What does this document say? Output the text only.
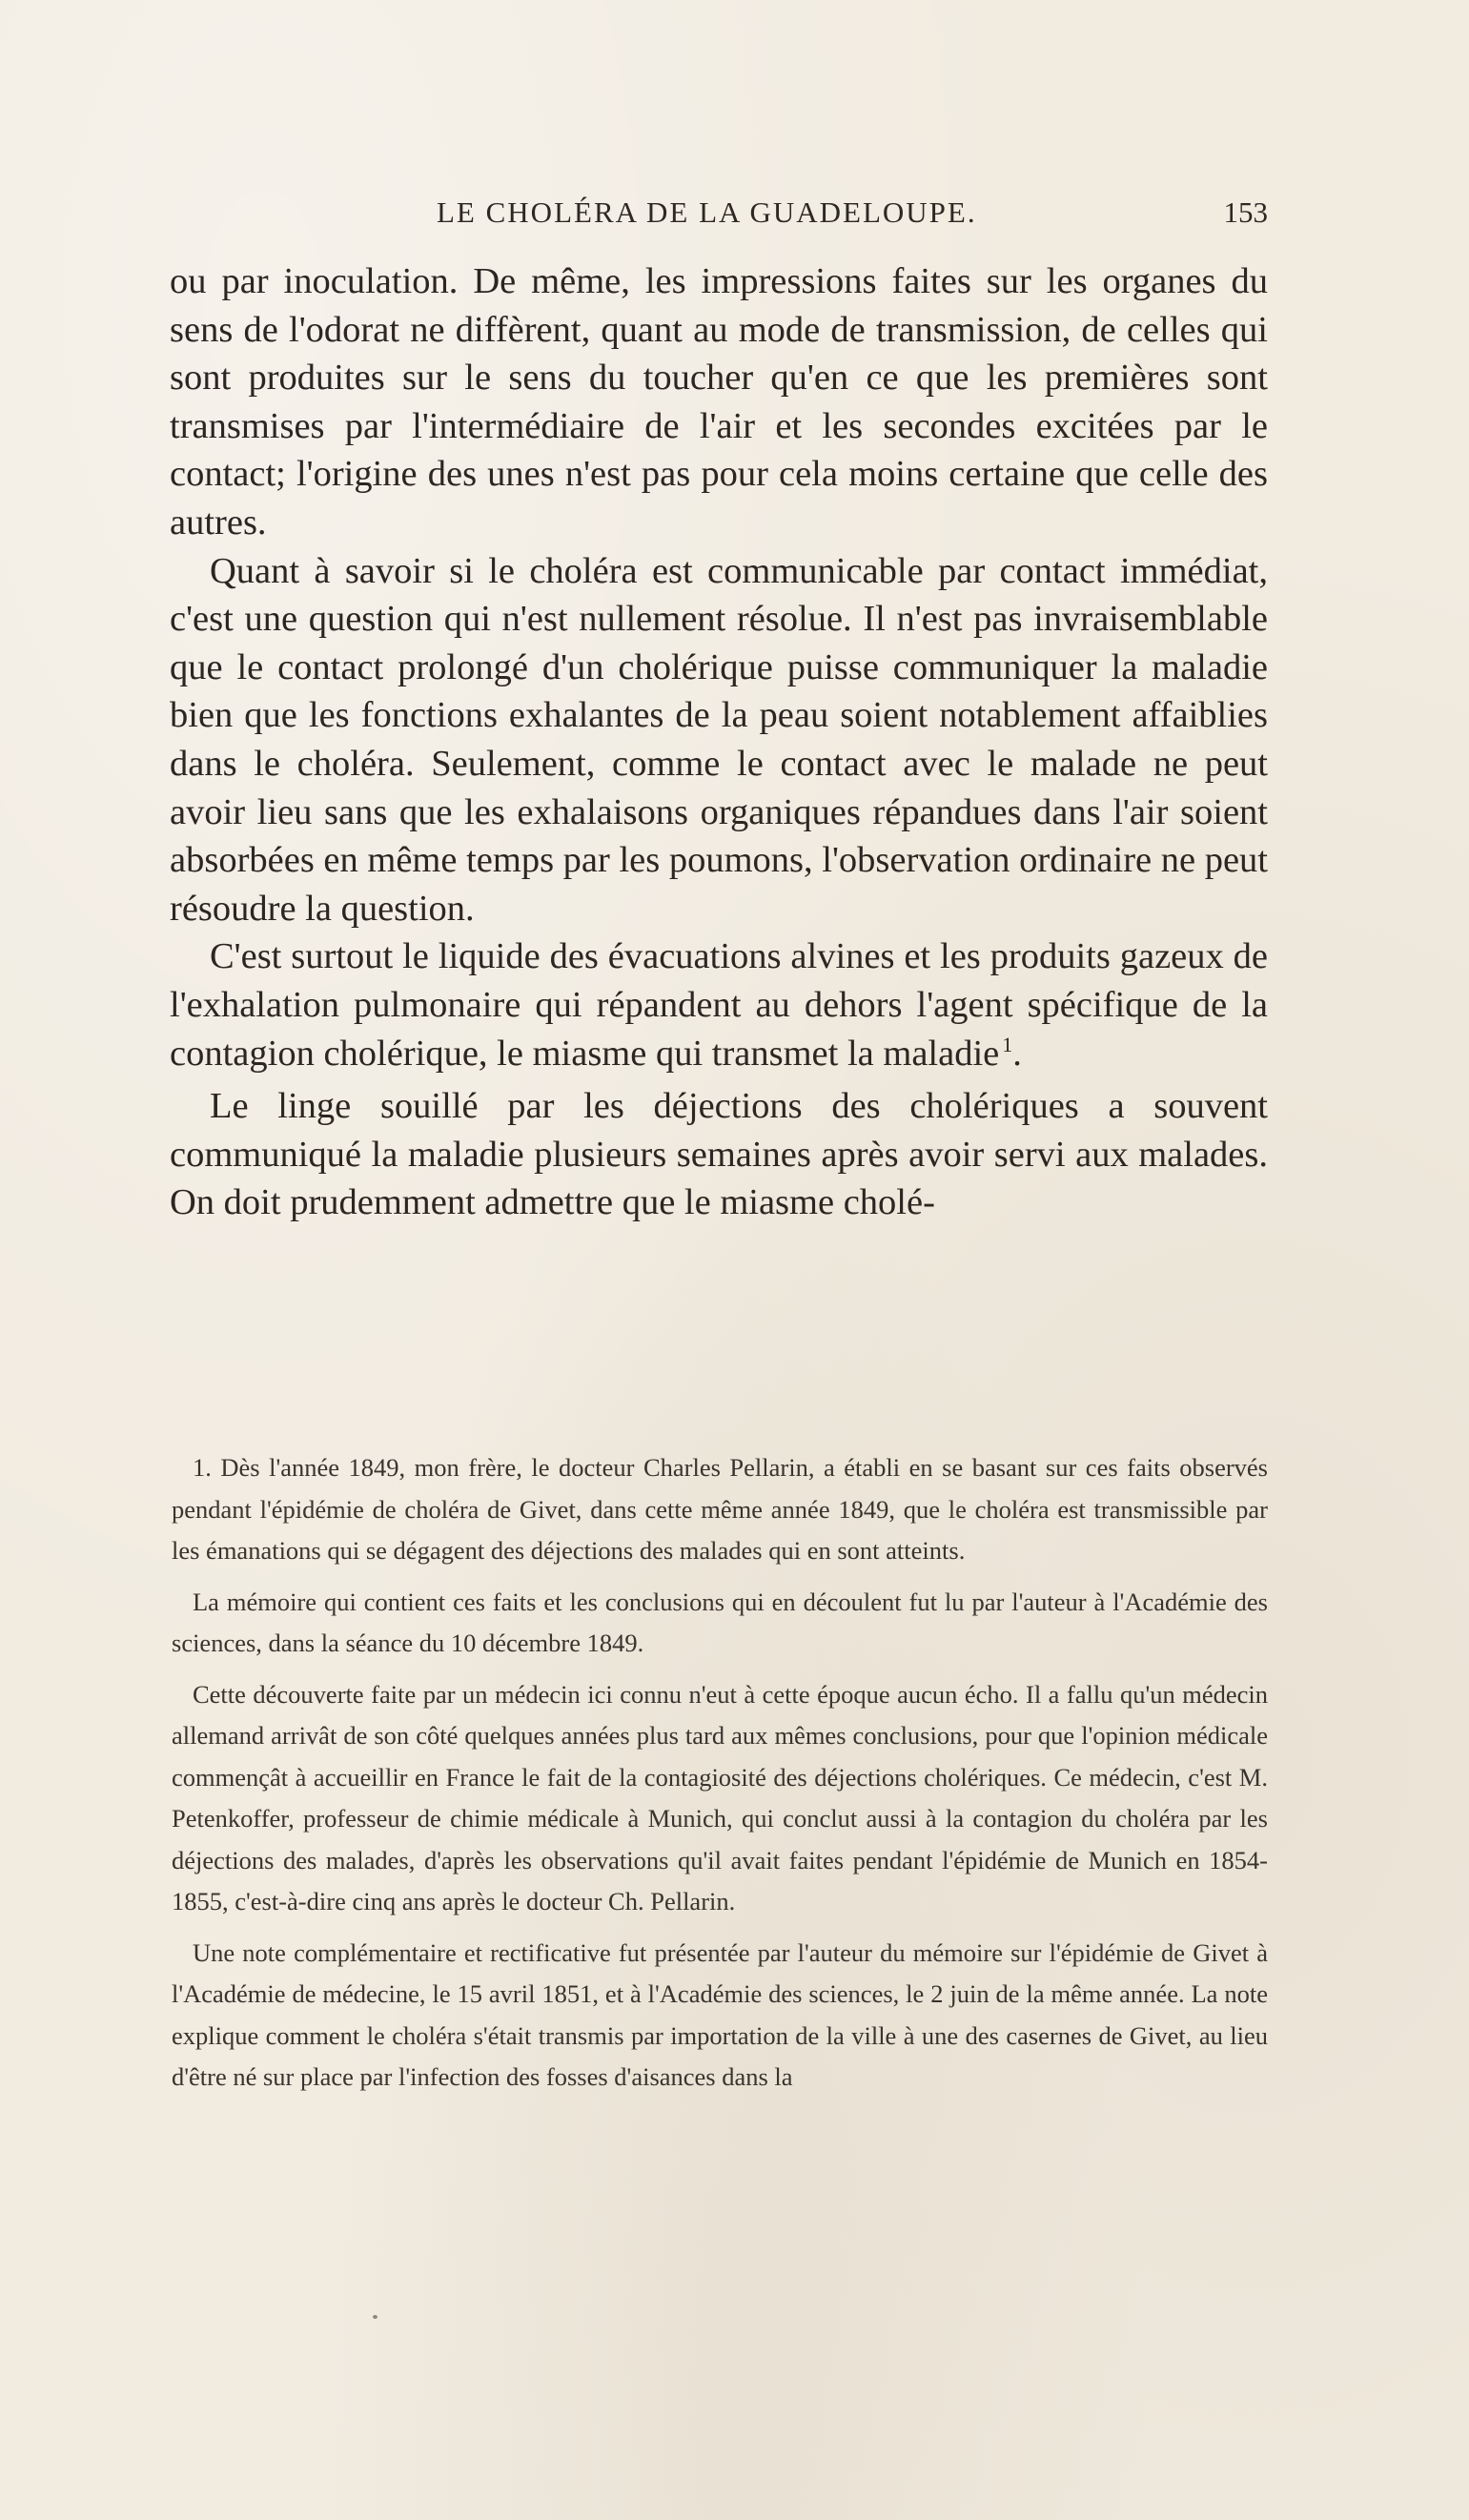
LE CHOLÉRA DE LA GUADELOUPE.	153

ou par inoculation. De même, les impressions faites sur les organes du sens de l'odorat ne diffèrent, quant au mode de transmission, de celles qui sont produites sur le sens du toucher qu'en ce que les premières sont transmises par l'intermédiaire de l'air et les secondes excitées par le contact; l'origine des unes n'est pas pour cela moins certaine que celle des autres.

Quant à savoir si le choléra est communicable par contact immédiat, c'est une question qui n'est nullement résolue. Il n'est pas invraisemblable que le contact prolongé d'un cholérique puisse communiquer la maladie bien que les fonctions exhalantes de la peau soient notablement affaiblies dans le choléra. Seulement, comme le contact avec le malade ne peut avoir lieu sans que les exhalaisons organiques répandues dans l'air soient absorbées en même temps par les poumons, l'observation ordinaire ne peut résoudre la question.

C'est surtout le liquide des évacuations alvines et les produits gazeux de l'exhalation pulmonaire qui répandent au dehors l'agent spécifique de la contagion cholérique, le miasme qui transmet la maladie $^1$.

Le linge souillé par les déjections des cholériques a souvent communiqué la maladie plusieurs semaines après avoir servi aux malades. On doit prudemment admettre que le miasme cholé-

1. Dès l'année 1849, mon frère, le docteur Charles Pellarin, a établi en se basant sur ces faits observés pendant l'épidémie de choléra de Givet, dans cette même année 1849, que le choléra est transmissible par les émanations qui se dégagent des déjections des malades qui en sont atteints.

La mémoire qui contient ces faits et les conclusions qui en découlent fut lu par l'auteur à l'Académie des sciences, dans la séance du 10 décembre 1849.

Cette découverte faite par un médecin ici connu n'eut à cette époque aucun écho. Il a fallu qu'un médecin allemand arrivât de son côté quelques années plus tard aux mêmes conclusions, pour que l'opinion médicale commençât à accueillir en France le fait de la contagiosité des déjections cholériques. Ce médecin, c'est M. Petenkoffer, professeur de chimie médicale à Munich, qui conclut aussi à la contagion du choléra par les déjections des malades, d'après les observations qu'il avait faites pendant l'épidémie de Munich en 1854-1855, c'est-à-dire cinq ans après le docteur Ch. Pellarin.

Une note complémentaire et rectificative fut présentée par l'auteur du mémoire sur l'épidémie de Givet à l'Académie de médecine, le 15 avril 1851, et à l'Académie des sciences, le 2 juin de la même année. La note explique comment le choléra s'était transmis par importation de la ville à une des casernes de Givet, au lieu d'être né sur place par l'infection des fosses d'aisances dans la
